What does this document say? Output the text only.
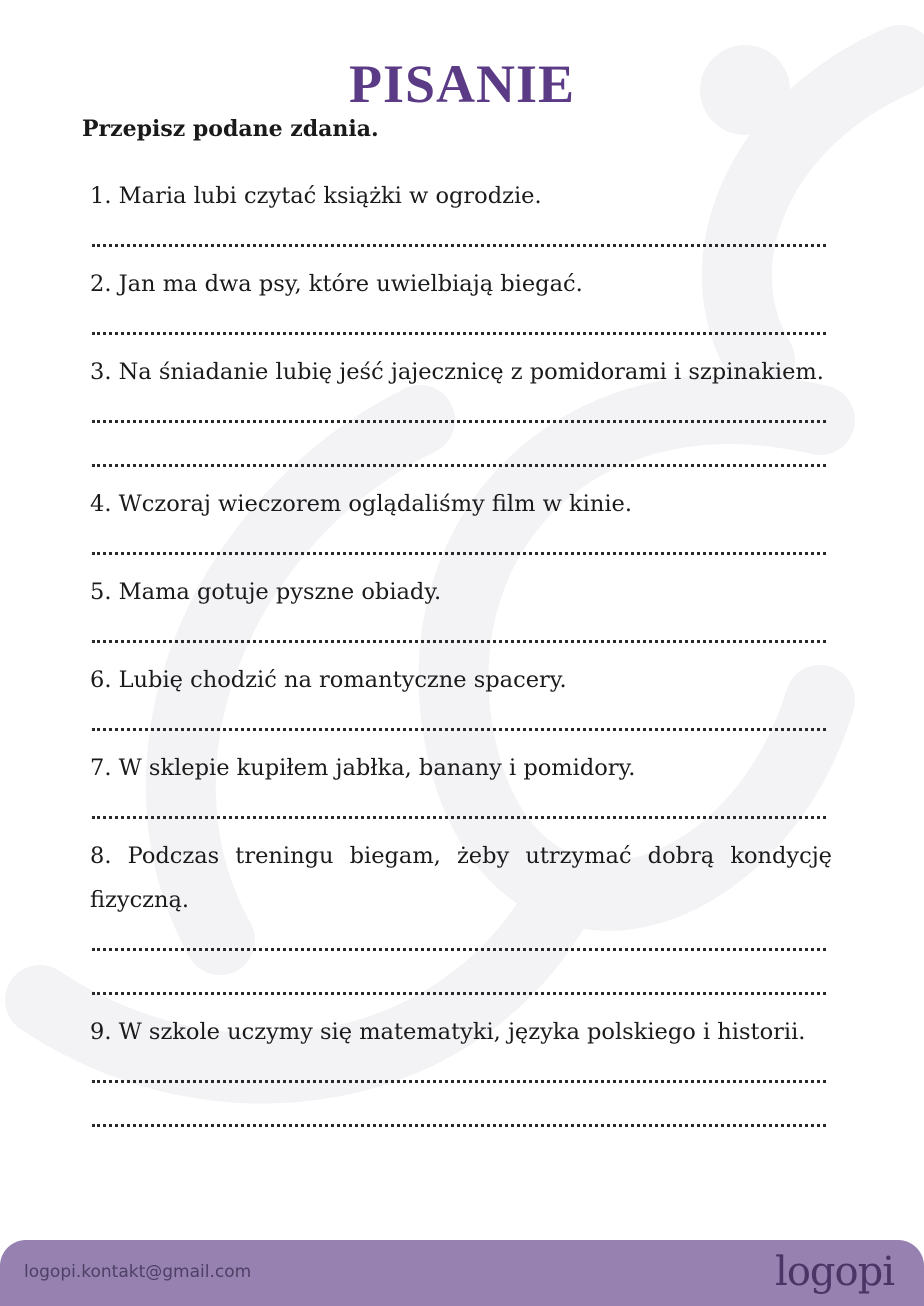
PISANIE

Przepisz podane zdania.

1. Maria lubi czytać książki w ogrodzie.

2. Jan ma dwa psy, które uwielbiają biegać.

3. Na śniadanie lubię jeść jajecznicę z pomidorami i szpinakiem.

4. Wczoraj wieczorem oglądaliśmy film w kinie.

5. Mama gotuje pyszne obiady.

6. Lubię chodzić na romantyczne spacery.

7. W sklepie kupiłem jabłka, banany i pomidory.

8. Podczas treningu biegam, żeby utrzymać dobrą kondycję fizyczną.

9. W szkole uczymy się matematyki, języka polskiego i historii.

logopi.kontakt@gmail.com	logopi
